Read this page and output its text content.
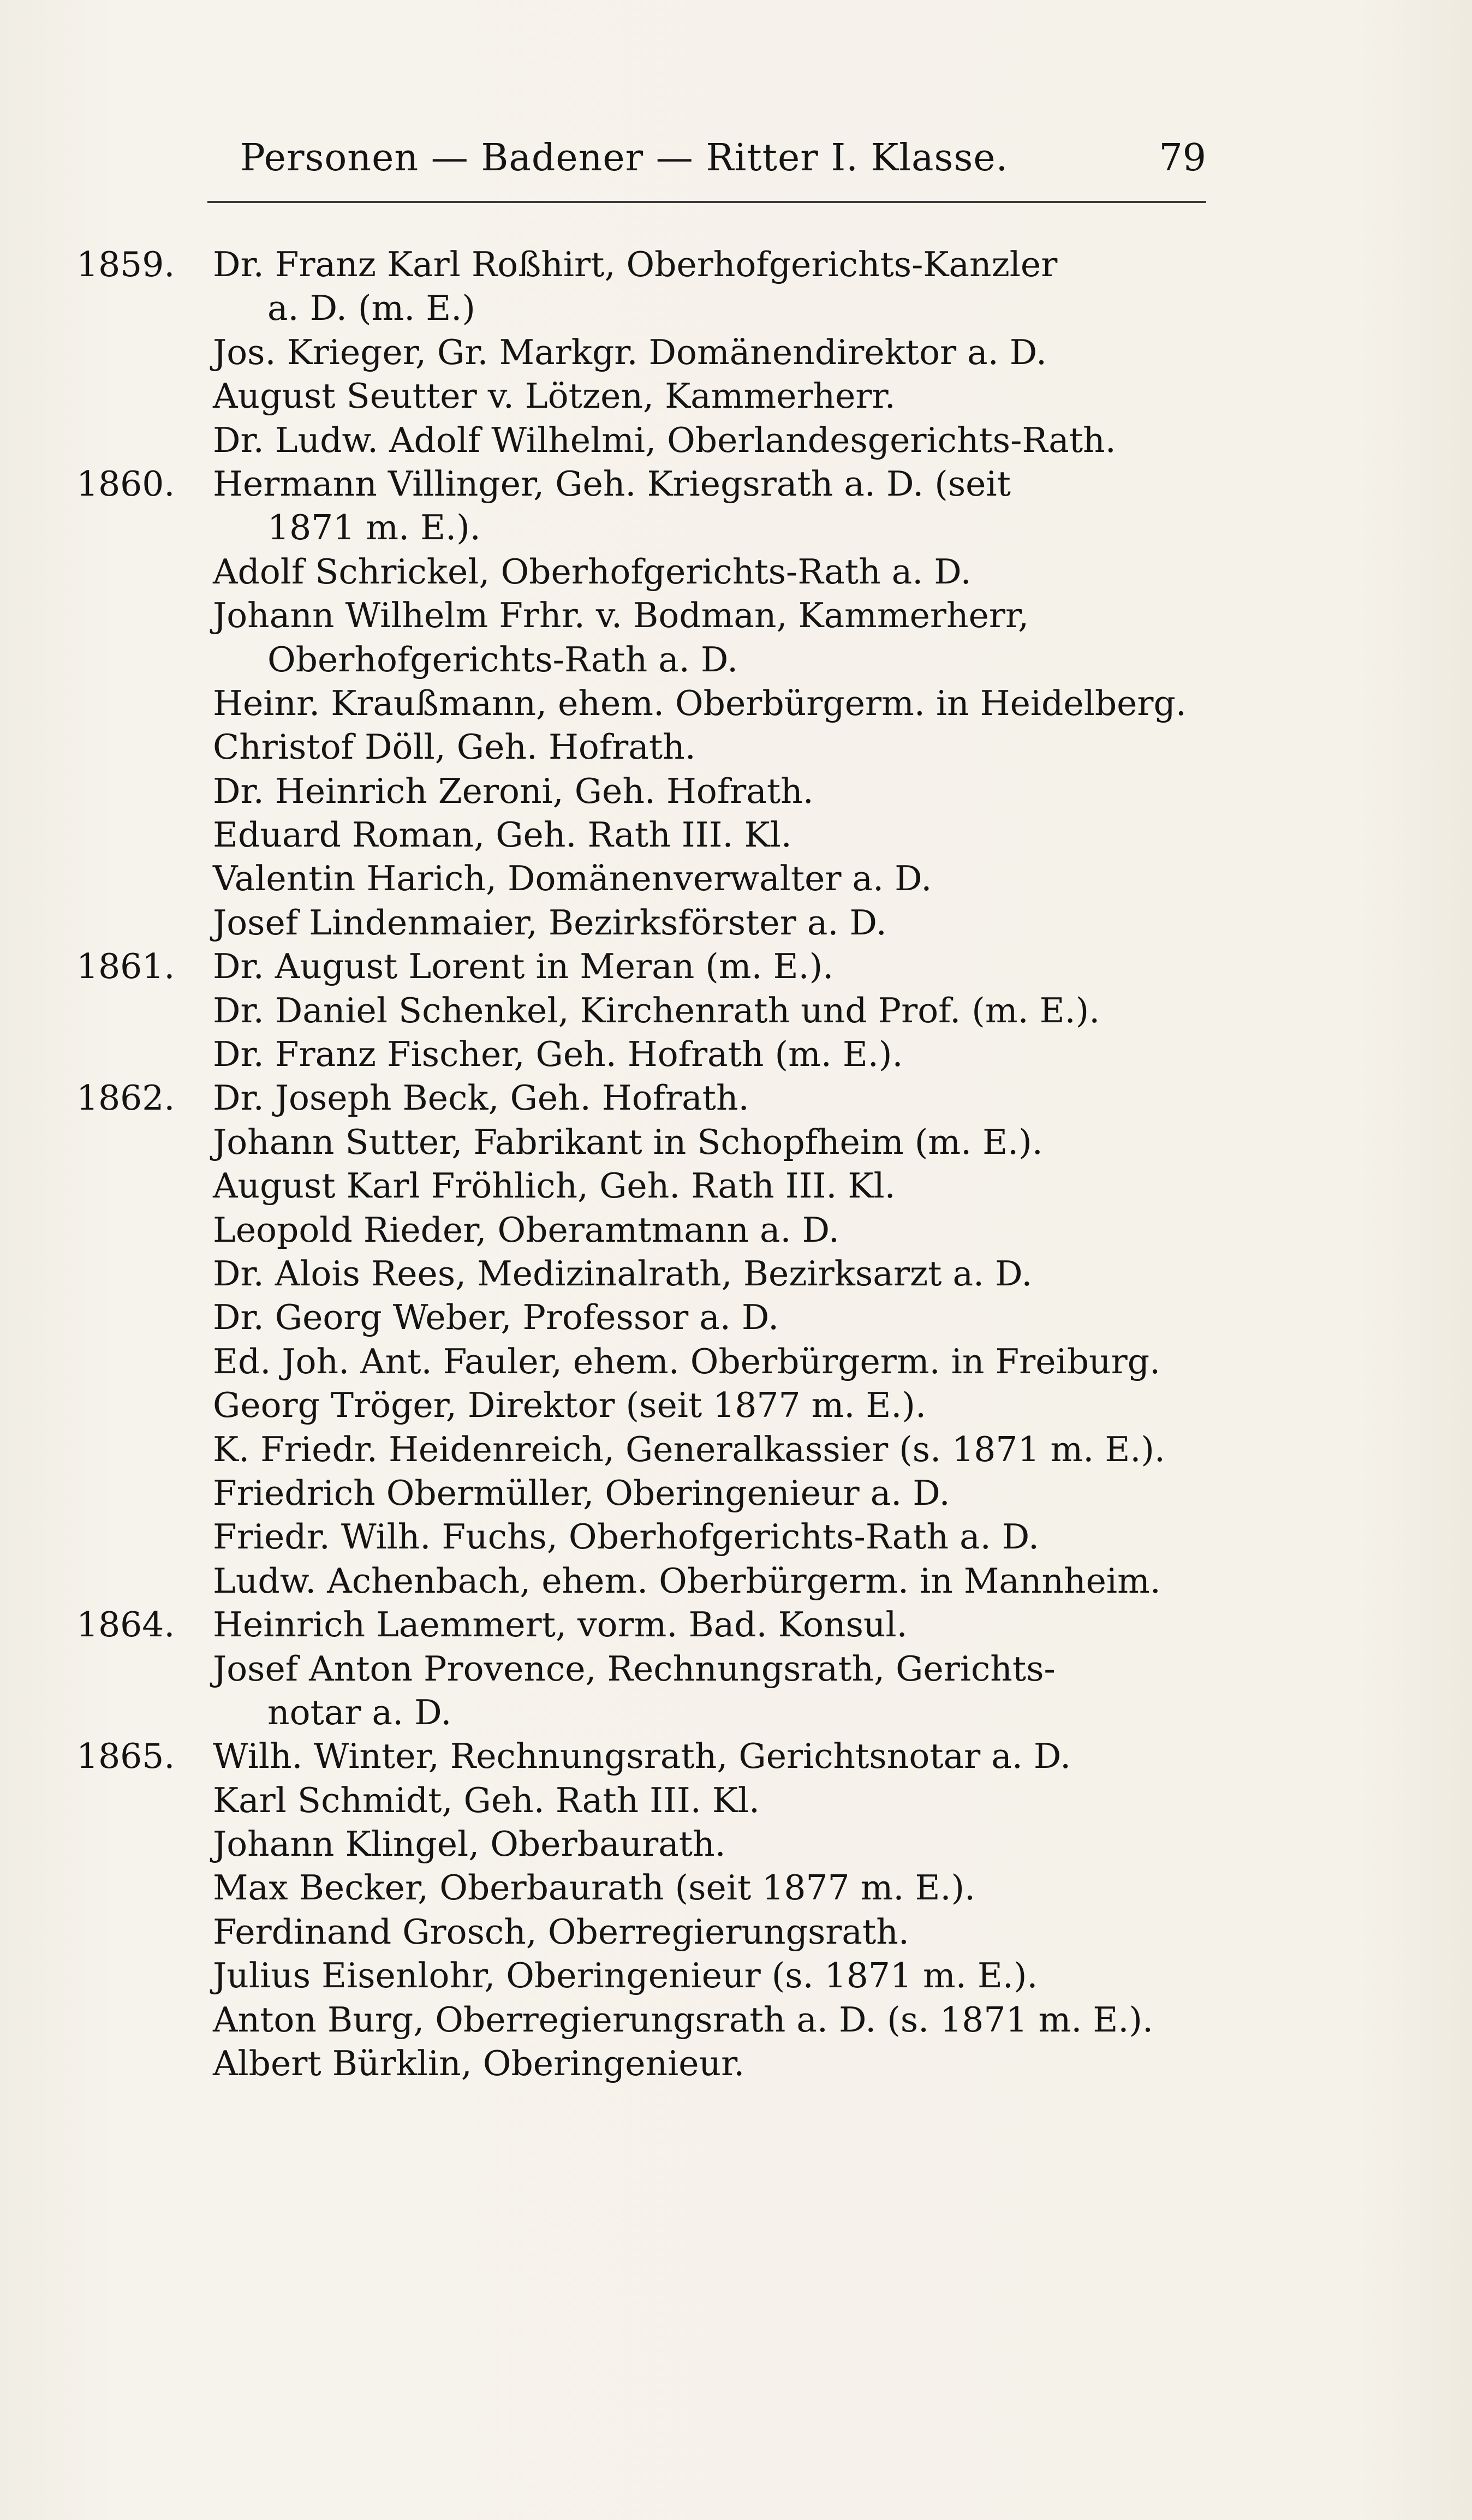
Personen — Badener — Ritter I. Klasse.	79
1859.	Dr. Franz Karl Roßhirt, Oberhofgerichts-Kanzler
a. D. (m. E.)
Jos. Krieger, Gr. Markgr. Domänendirektor a. D.
August Seutter v. Lötzen, Kammerherr.
Dr. Ludw. Adolf Wilhelmi, Oberlandesgerichts-Rath.
1860.	Hermann Villinger, Geh. Kriegsrath a. D. (seit
1871 m. E.).
Adolf Schrickel, Oberhofgerichts-Rath a. D.
Johann Wilhelm Frhr. v. Bodman, Kammerherr,
Oberhofgerichts-Rath a. D.
Heinr. Kraußmann, ehem. Oberbürgerm. in Heidelberg.
Christof Döll, Geh. Hofrath.
Dr. Heinrich Zeroni, Geh. Hofrath.
Eduard Roman, Geh. Rath III. Kl.
Valentin Harich, Domänenverwalter a. D.
Josef Lindenmaier, Bezirksförster a. D.
1861.	Dr. August Lorent in Meran (m. E.).
Dr. Daniel Schenkel, Kirchenrath und Prof. (m. E.).
Dr. Franz Fischer, Geh. Hofrath (m. E.).
1862.	Dr. Joseph Beck, Geh. Hofrath.
Johann Sutter, Fabrikant in Schopfheim (m. E.).
August Karl Fröhlich, Geh. Rath III. Kl.
Leopold Rieder, Oberamtmann a. D.
Dr. Alois Rees, Medizinalrath, Bezirksarzt a. D.
Dr. Georg Weber, Professor a. D.
Ed. Joh. Ant. Fauler, ehem. Oberbürgerm. in Freiburg.
Georg Tröger, Direktor (seit 1877 m. E.).
K. Friedr. Heidenreich, Generalkassier (s. 1871 m. E.).
Friedrich Obermüller, Oberingenieur a. D.
Friedr. Wilh. Fuchs, Oberhofgerichts-Rath a. D.
Ludw. Achenbach, ehem. Oberbürgerm. in Mannheim.
1864.	Heinrich Laemmert, vorm. Bad. Konsul.
Josef Anton Provence, Rechnungsrath, Gerichts-
notar a. D.
1865.	Wilh. Winter, Rechnungsrath, Gerichtsnotar a. D.
Karl Schmidt, Geh. Rath III. Kl.
Johann Klingel, Oberbaurath.
Max Becker, Oberbaurath (seit 1877 m. E.).
Ferdinand Grosch, Oberregierungsrath.
Julius Eisenlohr, Oberingenieur (s. 1871 m. E.).
Anton Burg, Oberregierungsrath a. D. (s. 1871 m. E.).
Albert Bürklin, Oberingenieur.
